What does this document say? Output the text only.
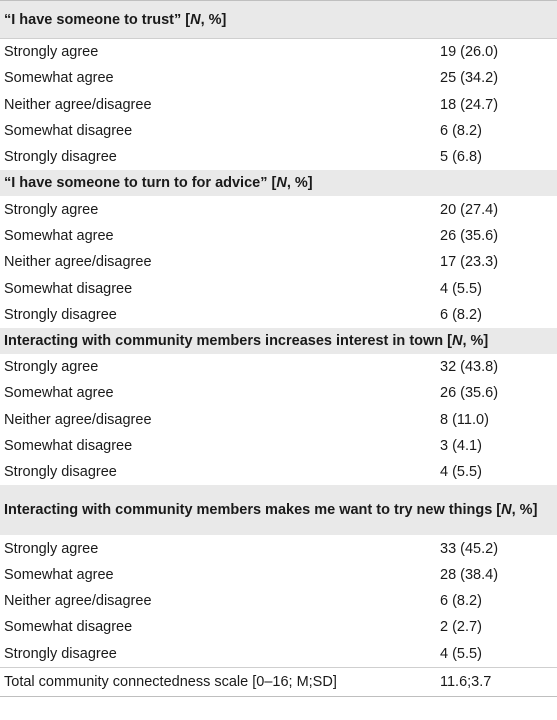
“I have someone to trust” [N, %]	
Strongly agree	19 (26.0)
Somewhat agree	25 (34.2)
Neither agree/disagree	18 (24.7)
Somewhat disagree	6 (8.2)
Strongly disagree	5 (6.8)
“I have someone to turn to for advice” [N, %]	
Strongly agree	20 (27.4)
Somewhat agree	26 (35.6)
Neither agree/disagree	17 (23.3)
Somewhat disagree	4 (5.5)
Strongly disagree	6 (8.2)
Interacting with community members increases interest in town [N, %]	
Strongly agree	32 (43.8)
Somewhat agree	26 (35.6)
Neither agree/disagree	8 (11.0)
Somewhat disagree	3 (4.1)
Strongly disagree	4 (5.5)
Interacting with community members makes me want to try new things [N, %]	
Strongly agree	33 (45.2)
Somewhat agree	28 (38.4)
Neither agree/disagree	6 (8.2)
Somewhat disagree	2 (2.7)
Strongly disagree	4 (5.5)
Total community connectedness scale [0–16; M;SD]	11.6;3.7
